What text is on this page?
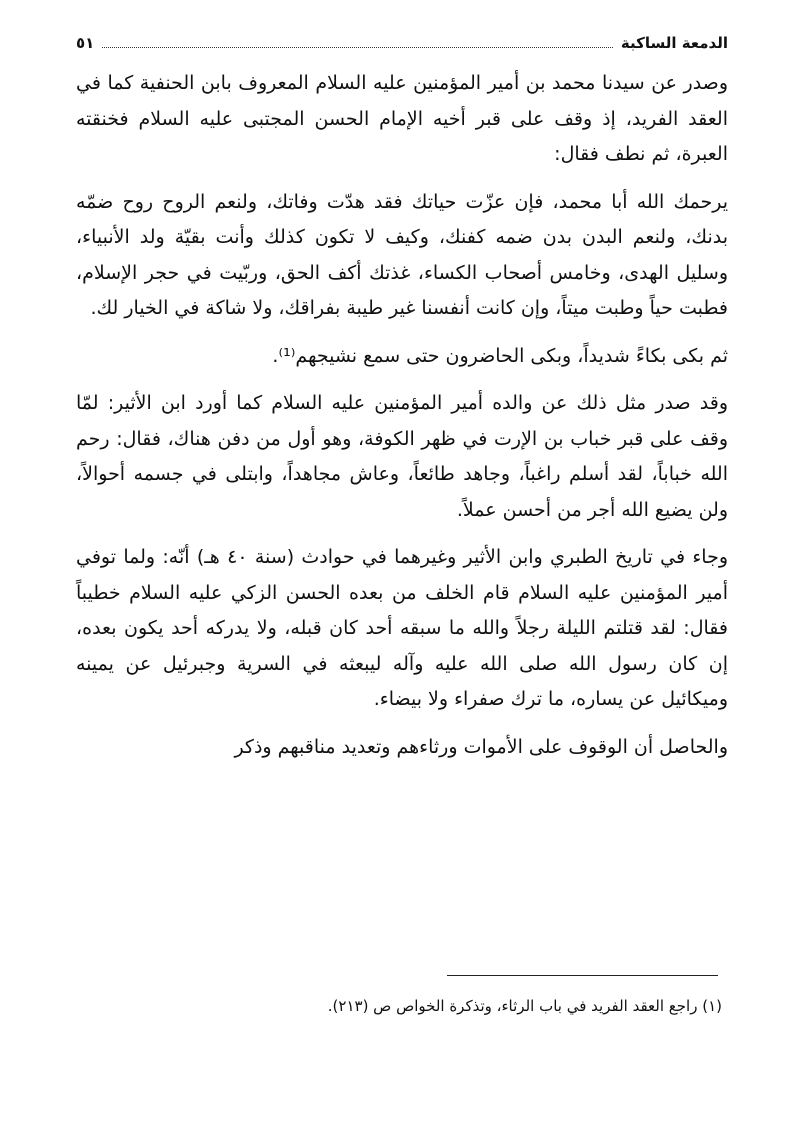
الدمعة الساكبة
٥١

وصدر عن سيدنا محمد بن أمير المؤمنين عليه السلام المعروف بابن الحنفية كما في العقد الفريد، إذ وقف على قبر أخيه الإمام الحسن المجتبى عليه السلام فخنقته العبرة، ثم نطف فقال:

يرحمك الله أبا محمد، فإن عزّت حياتك فقد هدّت وفاتك، ولنعم الروح روح ضمّه بدنك، ولنعم البدن بدن ضمه كفنك، وكيف لا تكون كذلك وأنت بقيّة ولد الأنبياء، وسليل الهدى، وخامس أصحاب الكساء، غذتك أكف الحق، وربّيت في حجر الإسلام، فطبت حياً وطبت ميتاً، وإن كانت أنفسنا غير طيبة بفراقك، ولا شاكة في الخيار لك.

ثم بكى بكاءً شديداً، وبكى الحاضرون حتى سمع نشيجهم⁽¹⁾.

وقد صدر مثل ذلك عن والده أمير المؤمنين عليه السلام كما أورد ابن الأثير: لمّا وقف على قبر خباب بن الإرت في ظهر الكوفة، وهو أول من دفن هناك، فقال: رحم الله خباباً، لقد أسلم راغباً، وجاهد طائعاً، وعاش مجاهداً، وابتلى في جسمه أحوالاً، ولن يضيع الله أجر من أحسن عملاً.

وجاء في تاريخ الطبري وابن الأثير وغيرهما في حوادث (سنة ٤٠ هـ) أنّه: ولما توفي أمير المؤمنين عليه السلام قام الخلف من بعده الحسن الزكي عليه السلام خطيباً فقال: لقد قتلتم الليلة رجلاً والله ما سبقه أحد كان قبله، ولا يدركه أحد يكون بعده، إن كان رسول الله صلى الله عليه وآله ليبعثه في السرية وجبرئيل عن يمينه وميكائيل عن يساره، ما ترك صفراء ولا بيضاء.

والحاصل أن الوقوف على الأموات ورثاءهم وتعديد مناقبهم وذكر

(١) راجع العقد الفريد في باب الرثاء، وتذكرة الخواص ص (٢١٣).
